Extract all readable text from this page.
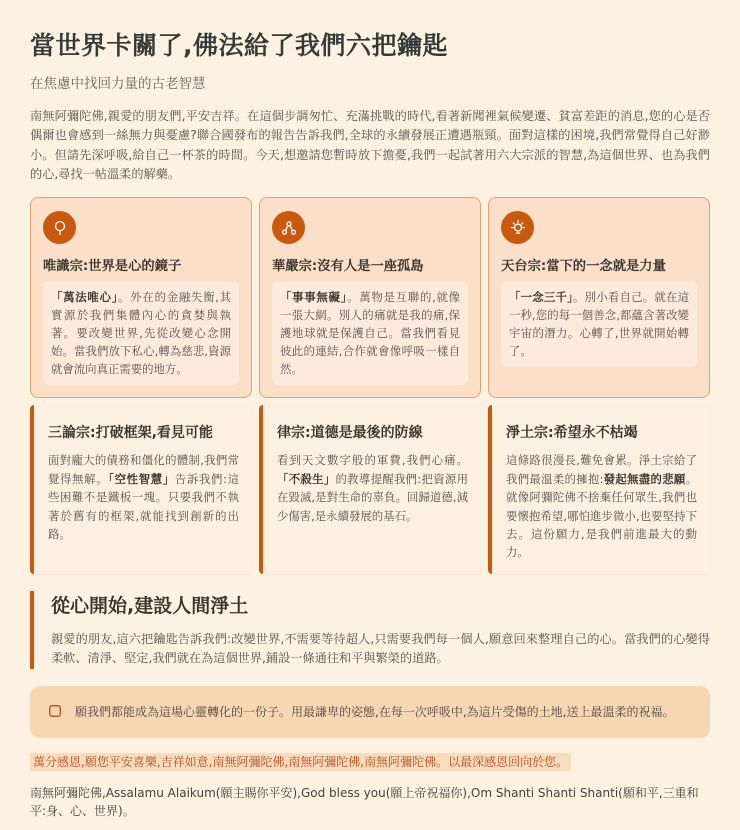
當世界卡關了,佛法給了我們六把鑰匙
在焦慮中找回力量的古老智慧

南無阿彌陀佛,親愛的朋友們,平安吉祥。在這個步調匆忙、充滿挑戰的時代,看著新聞裡氣候變遷、貧富差距的消息,您的心是否偶爾也會感到一絲無力與憂慮?聯合國發布的報告告訴我們,全球的永續發展正遭遇瓶頸。面對這樣的困境,我們常覺得自己好渺小。但請先深呼吸,給自己一杯茶的時間。今天,想邀請您暫時放下擔憂,我們一起試著用六大宗派的智慧,為這個世界、也為我們的心,尋找一帖溫柔的解藥。

唯識宗:世界是心的鏡子
「萬法唯心」。外在的金融失衡,其實源於我們集體內心的貪婪與執著。要改變世界,先從改變心念開始。當我們放下私心,轉為慈悲,資源就會流向真正需要的地方。
華嚴宗:沒有人是一座孤島
「事事無礙」。萬物是互聯的,就像一張大網。別人的痛就是我的痛,保護地球就是保護自己。當我們看見彼此的連結,合作就會像呼吸一樣自然。
天台宗:當下的一念就是力量
「一念三千」。別小看自己。就在這一秒,您的每一個善念,都蘊含著改變宇宙的潛力。心轉了,世界就開始轉了。
三論宗:打破框架,看見可能
面對龐大的債務和僵化的體制,我們常覺得無解。「空性智慧」告訴我們:這些困難不是鐵板一塊。只要我們不執著於舊有的框架,就能找到創新的出路。
律宗:道德是最後的防線
看到天文數字般的軍費,我們心痛。「不殺生」的教導提醒我們:把資源用在毀滅,是對生命的辜負。回歸道德,減少傷害,是永續發展的基石。
淨土宗:希望永不枯竭
這條路很漫長,難免會累。淨土宗給了我們最溫柔的擁抱:發起無盡的悲願。就像阿彌陀佛不捨棄任何眾生,我們也要懷抱希望,哪怕進步微小,也要堅持下去。這份願力,是我們前進最大的動力。
從心開始,建設人間淨土

親愛的朋友,這六把鑰匙告訴我們:改變世界,不需要等待超人,只需要我們每一個人,願意回來整理自己的心。當我們的心變得柔軟、清淨、堅定,我們就在為這個世界,鋪設一條通往和平與繁榮的道路。

願我們都能成為這場心靈轉化的一份子。用最謙卑的姿態,在每一次呼吸中,為這片受傷的土地,送上最溫柔的祝福。

萬分感恩,願您平安喜樂,吉祥如意,南無阿彌陀佛,南無阿彌陀佛,南無阿彌陀佛。以最深感恩回向於您。

南無阿彌陀佛,Assalamu Alaikum(願主賜你平安),God bless you(願上帝祝福你),Om Shanti Shanti Shanti(願和平,三重和平:身、心、世界)。
